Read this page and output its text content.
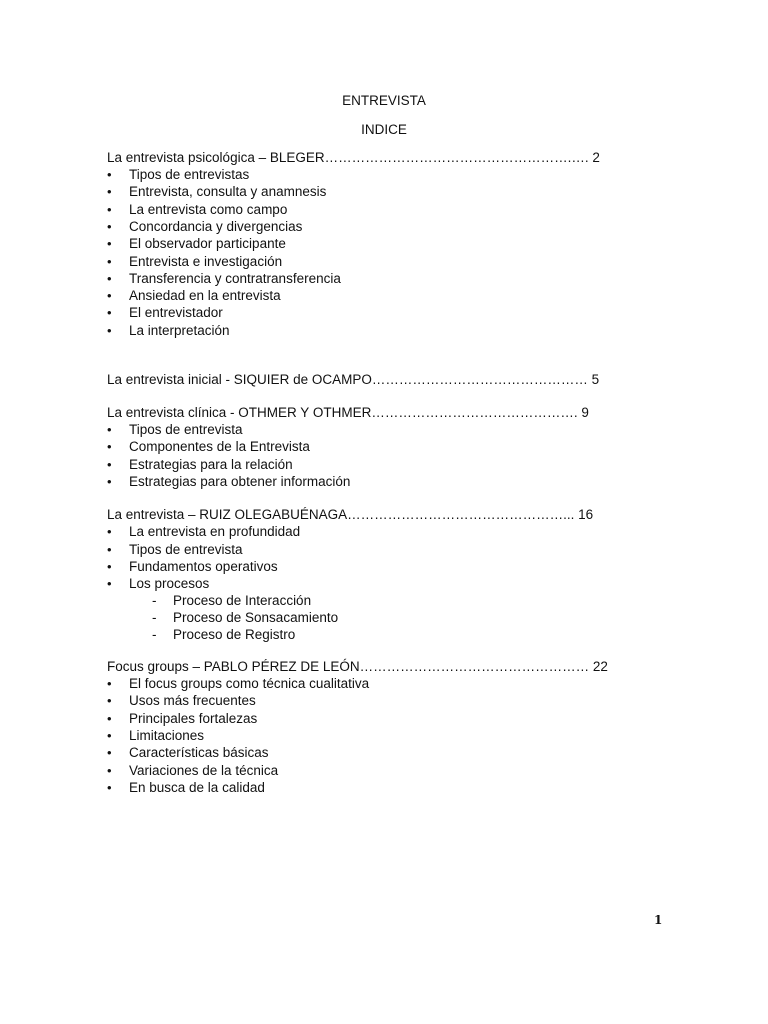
ENTREVISTA
INDICE
La entrevista psicológica – BLEGER……………………………………………….…. 2
• Tipos de entrevistas
• Entrevista, consulta y anamnesis
• La entrevista como campo
• Concordancia y divergencias
• El observador participante
• Entrevista e investigación
• Transferencia y contratransferencia
• Ansiedad en la entrevista
• El entrevistador
• La interpretación
La entrevista inicial - SIQUIER de OCAMPO………………………………………… 5
La entrevista clínica - OTHMER Y OTHMER………………………………………. 9
• Tipos de entrevista
• Componentes de la Entrevista
• Estrategias para la relación
• Estrategias para obtener información
La entrevista – RUIZ OLEGABUÉNAGA…………………………………………... 16
• La entrevista en profundidad
• Tipos de entrevista
• Fundamentos operativos
• Los procesos
- Proceso de Interacción
- Proceso de Sonsacamiento
- Proceso de Registro
Focus groups – PABLO PÉREZ DE LEÓN…………………………………………… 22
• El focus groups como técnica cualitativa
• Usos más frecuentes
• Principales fortalezas
• Limitaciones
• Características básicas
• Variaciones de la técnica
• En busca de la calidad
1
